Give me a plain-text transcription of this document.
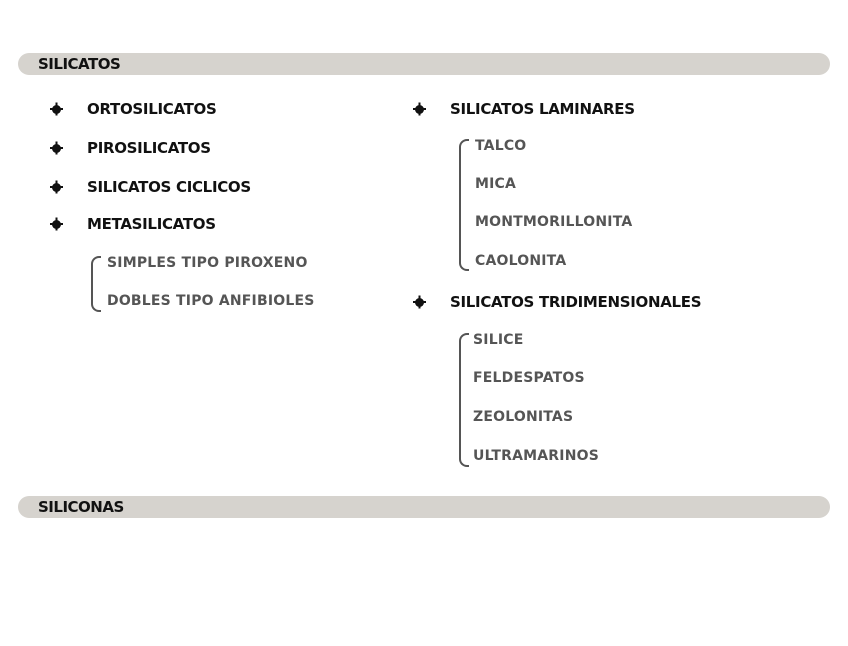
SILICATOS
ORTOSILICATOS
PIROSILICATOS
SILICATOS CICLICOS
METASILICATOS
SIMPLES TIPO PIROXENO
DOBLES TIPO ANFIBIOLES
SILICATOS LAMINARES
TALCO
MICA
MONTMORILLONITA
CAOLONITA
SILICATOS TRIDIMENSIONALES
SILICE
FELDESPATOS
ZEOLONITAS
ULTRAMARINOS
SILICONAS
